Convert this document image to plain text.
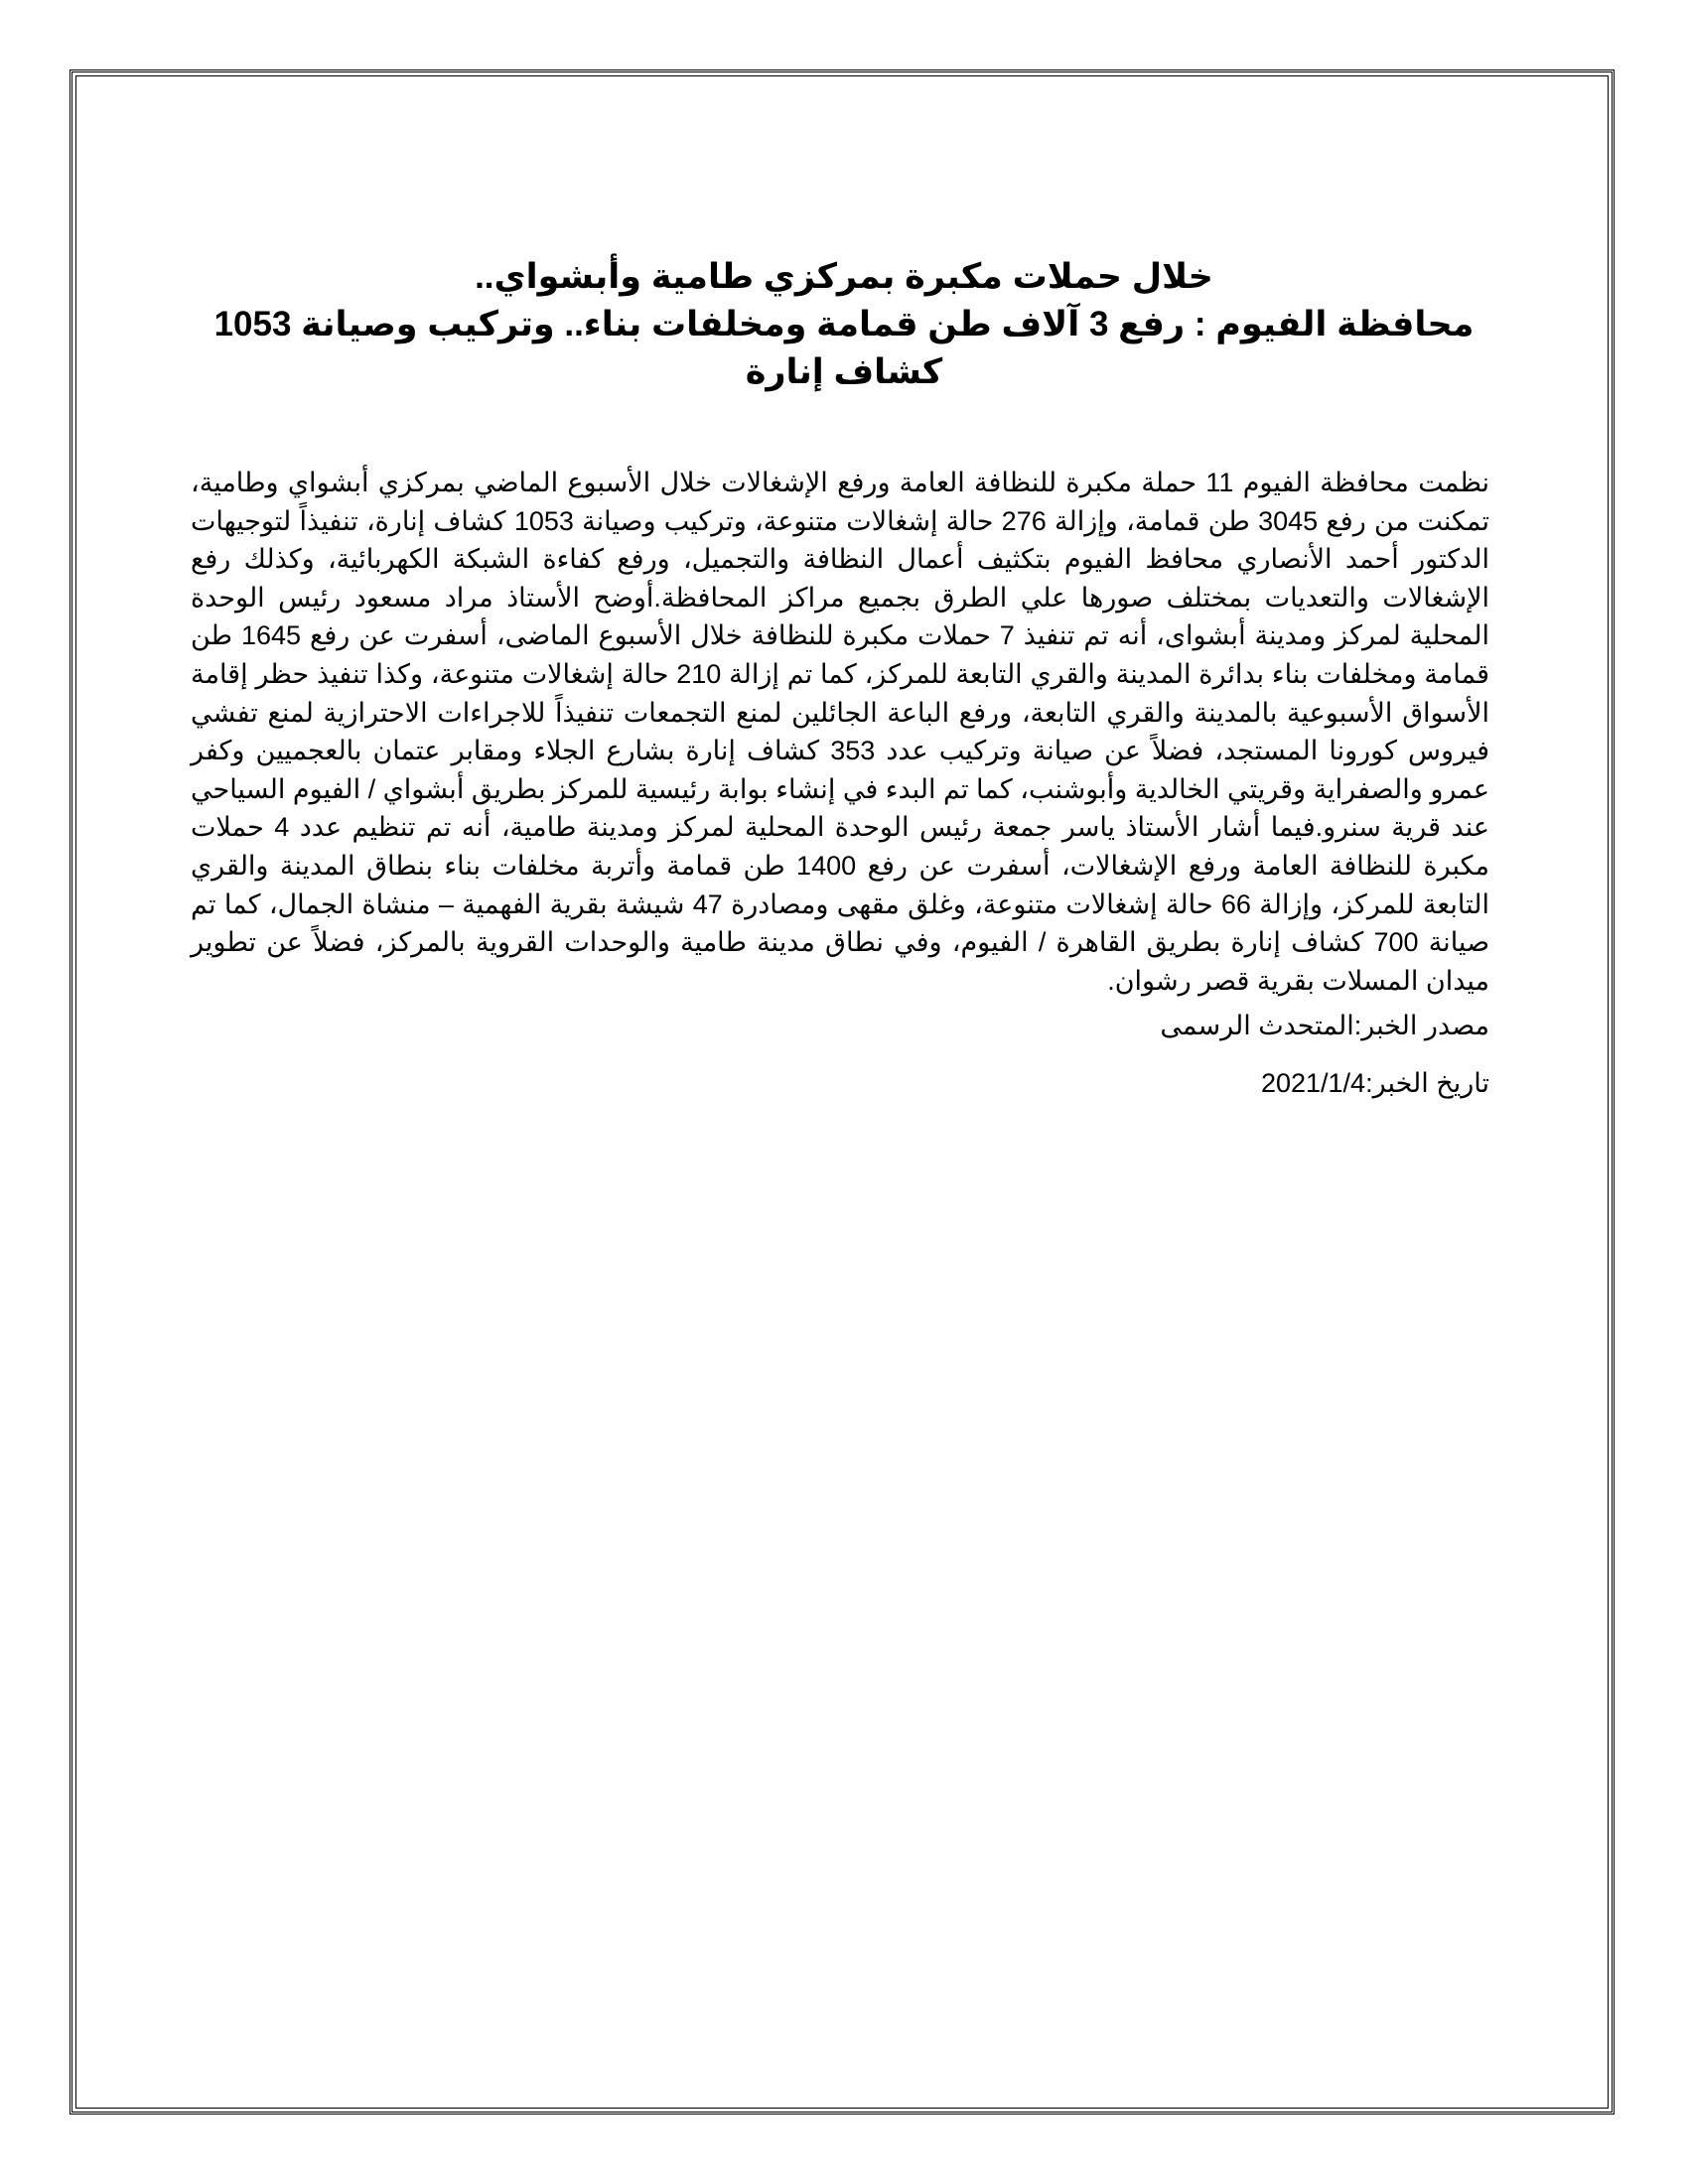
خلال حملات مكبرة بمركزي طامية وأبشواي..
محافظة الفيوم : رفع 3 آلاف طن قمامة ومخلفات بناء.. وتركيب وصيانة 1053
كشاف إنارة

نظمت محافظة الفيوم 11 حملة مكبرة للنظافة العامة ورفع الإشغالات خلال الأسبوع الماضي بمركزي أبشواي وطامية، تمكنت من رفع 3045 طن قمامة، وإزالة 276 حالة إشغالات متنوعة، وتركيب وصيانة 1053 كشاف إنارة، تنفيذاً لتوجيهات الدكتور أحمد الأنصاري محافظ الفيوم بتكثيف أعمال النظافة والتجميل، ورفع كفاءة الشبكة الكهربائية، وكذلك رفع الإشغالات والتعديات بمختلف صورها علي الطرق بجميع مراكز المحافظة.أوضح الأستاذ مراد مسعود رئيس الوحدة المحلية لمركز ومدينة أبشواى، أنه تم تنفيذ 7 حملات مكبرة للنظافة خلال الأسبوع الماضى، أسفرت عن رفع 1645 طن قمامة ومخلفات بناء بدائرة المدينة والقري التابعة للمركز، كما تم إزالة 210 حالة إشغالات متنوعة، وكذا تنفيذ حظر إقامة الأسواق الأسبوعية بالمدينة والقري التابعة، ورفع الباعة الجائلين لمنع التجمعات تنفيذاً للاجراءات الاحترازية لمنع تفشي فيروس كورونا المستجد، فضلاً عن صيانة وتركيب عدد 353 كشاف إنارة بشارع الجلاء ومقابر عتمان بالعجميين وكفر عمرو والصفراية وقريتي الخالدية وأبوشنب، كما تم البدء في إنشاء بوابة رئيسية للمركز بطريق أبشواي / الفيوم السياحي عند قرية سنرو.فيما أشار الأستاذ ياسر جمعة رئيس الوحدة المحلية لمركز ومدينة طامية، أنه تم تنظيم عدد 4 حملات مكبرة للنظافة العامة ورفع الإشغالات، أسفرت عن رفع 1400 طن قمامة وأتربة مخلفات بناء بنطاق المدينة والقري التابعة للمركز، وإزالة 66 حالة إشغالات متنوعة، وغلق مقهى ومصادرة 47 شيشة بقرية الفهمية – منشاة الجمال، كما تم صيانة 700 كشاف إنارة بطريق القاهرة / الفيوم، وفي نطاق مدينة طامية والوحدات القروية بالمركز، فضلاً عن تطوير ميدان المسلات بقرية قصر رشوان.

مصدر الخبر:المتحدث الرسمى
تاريخ الخبر:2021/1/4
